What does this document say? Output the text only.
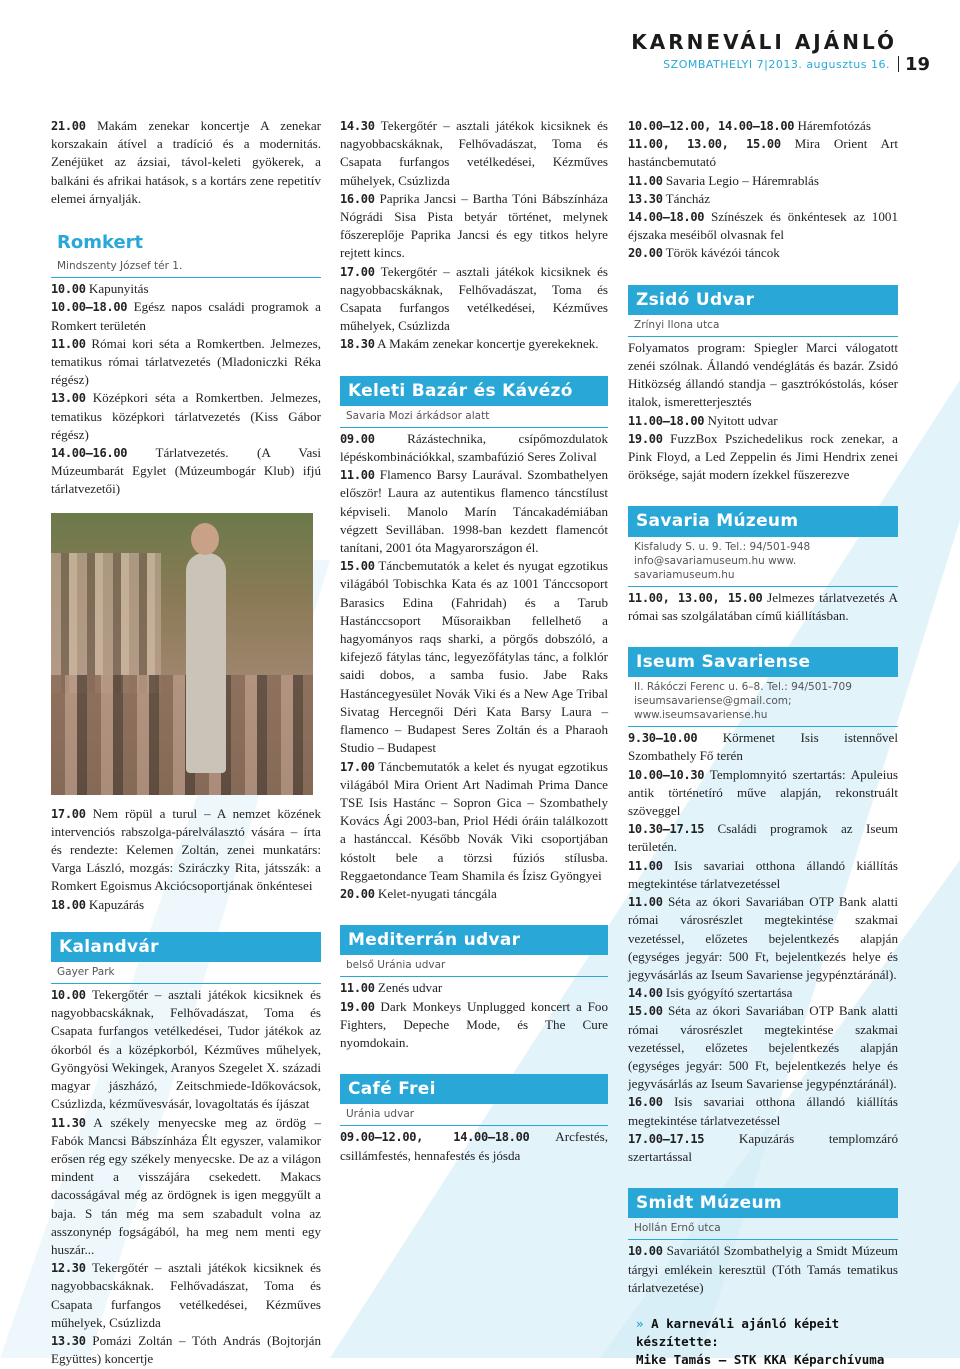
KARNEVÁLI AJÁNLÓ
SZOMBATHELYI 7|2013. augusztus 16. 19

21.00 Makám zenekar koncertje A zenekar korszakain átível a tradíció és a modernitás. Zenéjüket az ázsiai, távol-keleti gyökerek, a balkáni és afrikai hatások, s a kortárs zene repetitív elemei árnyalják.

Romkert
Mindszenty József tér 1.

10.00 Kapunyitás

10.00–18.00 Egész napos családi programok a Romkert területén

11.00 Római kori séta a Romkertben. Jelmezes, tematikus római tárlatvezetés (Mladoniczki Réka régész)

13.00 Középkori séta a Romkertben. Jelmezes, tematikus középkori tárlatvezetés (Kiss Gábor régész)

14.00–16.00 Tárlatvezetés. (A Vasi Múzeumbarát Egylet (Múzeumbogár Klub) ifjú tárlatvezetői)

17.00 Nem röpül a turul – A nemzet közének intervenciós rabszolga-párelválasztó vására – írta és rendezte: Kelemen Zoltán, zenei munkatárs: Varga László, mozgás: Sziráczky Rita, játsszák: a Romkert Egoismus Akciócsoportjának önkéntesei

18.00 Kapuzárás

Kalandvár
Gayer Park

10.00 Tekergőtér – asztali játékok kicsiknek és nagyobbacskáknak, Felhővadászat, Toma és Csapata furfangos vetélkedései, Tudor játékok az ókorból és a középkorból, Kézműves műhelyek, Gyöngyösi Wekingek, Aranyos Szegelet X. századi magyar jászházó, Zeitschmiede-Időkovácsok, Csúzlizda, kézművesvásár, lovagoltatás és íjászat

11.30 A székely menyecske meg az ördög – Fabók Mancsi Bábszínháza Élt egyszer, valamikor erősen rég egy székely menyecske. De az a világon mindent a visszájára csekedett. Makacs dacosságával még az ördögnek is igen meggyűlt a baja. S tán még ma sem szabadult volna az asszonynép fogságából, ha meg nem menti egy huszár...

12.30 Tekergőtér – asztali játékok kicsiknek és nagyobbacskáknak. Felhővadászat, Toma és Csapata furfangos vetélkedései, Kézműves műhelyek, Csúzlizda

13.30 Pomázi Zoltán – Tóth András (Bojtorján Együttes) koncertje

14.30 Tekergőtér – asztali játékok kicsiknek és nagyobbacskáknak, Felhővadászat, Toma és Csapata furfangos vetélkedései, Kézműves műhelyek, Csúzlizda

16.00 Paprika Jancsi – Bartha Tóni Bábszínháza Nógrádi Sisa Pista betyár történet, melynek főszereplője Paprika Jancsi és egy titkos helyre rejtett kincs.

17.00 Tekergőtér – asztali játékok kicsiknek és nagyobbacskáknak, Felhővadászat, Toma és Csapata furfangos vetélkedései, Kézműves műhelyek, Csúzlizda

18.30 A Makám zenekar koncertje gyerekeknek.

Keleti Bazár és Kávézó
Savaria Mozi árkádsor alatt

09.00 Rázástechnika, csípőmozdulatok lépéskombinációkkal, szambafúzió Seres Zolival

11.00 Flamenco Barsy Laurával. Szombathelyen először! Laura az autentikus flamenco táncstílust képviseli. Manolo Marín Táncakadémiában végzett Sevillában. 1998-ban kezdett flamencót tanítani, 2001 óta Magyarországon él.

15.00 Táncbemutatók a kelet és nyugat egzotikus világából Tobischka Kata és az 1001 Tánccsoport Barasics Edina (Fahridah) és a Tarub Hastánccsoport Műsoraikban fellelhető a hagyományos raqs sharki, a pörgős dobszóló, a kifejező fátylas tánc, legyezőfátylas tánc, a folklór saidi dobos, a samba fusio. Jabe Raks Hastáncegyesület Novák Viki és a New Age Tribal Sivatag Hercegnői Déri Kata Barsy Laura – flamenco – Budapest Seres Zoltán és a Pharaoh Studio – Budapest

17.00 Táncbemutatók a kelet és nyugat egzotikus világából Mira Orient Art Nadimah Prima Dance TSE Isis Hastánc – Sopron Gica – Szombathely Kovács Ági 2003-ban, Priol Hédi óráin találkozott a hastánccal. Később Novák Viki csoportjában kóstolt bele a törzsi fúziós stílusba. Reggaetondance Team Shamila és Ízisz Gyöngyei

20.00 Kelet-nyugati táncgála

Mediterrán udvar
belső Uránia udvar

11.00 Zenés udvar

19.00 Dark Monkeys Unplugged koncert a Foo Fighters, Depeche Mode, és The Cure nyomdokain.

Café Frei
Uránia udvar

09.00–12.00, 14.00–18.00 Arcfestés, csillámfestés, hennafestés és jósda

10.00–12.00, 14.00–18.00 Háremfotózás

11.00, 13.00, 15.00 Mira Orient Art hastáncbemutató

11.00 Savaria Legio – Háremrablás

13.30 Táncház

14.00–18.00 Színészek és önkéntesek az 1001 éjszaka meséiből olvasnak fel

20.00 Török kávézói táncok

Zsidó Udvar
Zrínyi Ilona utca

Folyamatos program: Spiegler Marci válogatott zenéi szólnak. Állandó vendéglátás és bazár. Zsidó Hitközség állandó standja – gasztrókóstolás, kóser italok, ismeretterjesztés

11.00–18.00 Nyitott udvar

19.00 FuzzBox Pszichedelikus rock zenekar, a Pink Floyd, a Led Zeppelin és Jimi Hendrix zenei öröksége, saját modern ízekkel fűszerezve

Savaria Múzeum
Kisfaludy S. u. 9. Tel.: 94/501-948 info@savariamuseum.hu www. savariamuseum.hu

11.00, 13.00, 15.00 Jelmezes tárlatvezetés A római sas szolgálatában című kiállításban.

Iseum Savariense
II. Rákóczi Ferenc u. 6–8. Tel.: 94/501-709 iseumsavariense@gmail.com; www.iseumsavariense.hu

9.30–10.00 Körmenet Isis istennővel Szombathely Fő terén

10.00–10.30 Templomnyitó szertartás: Apuleius antik történetíró műve alapján, rekonstruált szöveggel

10.30–17.15 Családi programok az Iseum területén.

11.00 Isis savariai otthona állandó kiállítás megtekintése tárlatvezetéssel

11.00 Séta az ókori Savariában OTP Bank alatti római városrészlet megtekintése szakmai vezetéssel, előzetes bejelentkezés alapján (egységes jegyár: 500 Ft, bejelentkezés helye és jegyvásárlás az Iseum Savariense jegypénztáránál).

14.00 Isis gyógyító szertartása

15.00 Séta az ókori Savariában OTP Bank alatti római városrészlet megtekintése szakmai vezetéssel, előzetes bejelentkezés alapján (egységes jegyár: 500 Ft, bejelentkezés helye és jegyvásárlás az Iseum Savariense jegypénztáránál).

16.00 Isis savariai otthona állandó kiállítás megtekintése tárlatvezetéssel

17.00–17.15 Kapuzárás templomzáró szertartással

Smidt Múzeum
Hollán Ernő utca

10.00 Savariától Szombathelyig a Smidt Múzeum tárgyi emlékein keresztül (Tóth Tamás tematikus tárlatvezetése)

» A karneváli ajánló képeit készítette:
Mike Tamás – STK KKA Képarchívuma
